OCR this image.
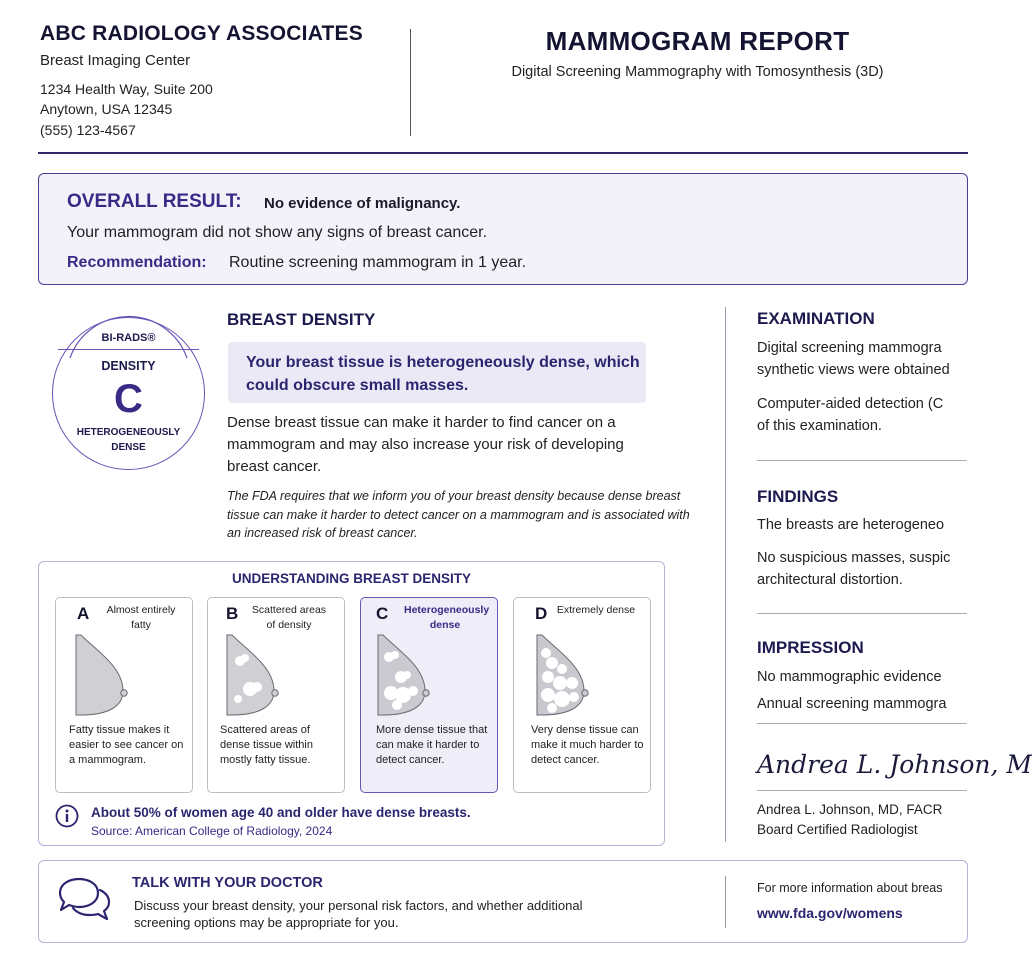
ABC RADIOLOGY ASSOCIATES
Breast Imaging Center
1234 Health Way, Suite 200
Anytown, USA 12345
(555) 123-4567
MAMMOGRAM REPORT
Digital Screening Mammography with Tomosynthesis (3D)
OVERALL RESULT: No evidence of malignancy.
Your mammogram did not show any signs of breast cancer.
Recommendation: Routine screening mammogram in 1 year.
BI-RADS®
DENSITY
C
HETEROGENEOUSLY
DENSE
BREAST DENSITY
Your breast tissue is heterogeneously dense, which could obscure small masses.
Dense breast tissue can make it harder to find cancer on a mammogram and may also increase your risk of developing breast cancer.
The FDA requires that we inform you of your breast density because dense breast tissue can make it harder to detect cancer on a mammogram and is associated with an increased risk of breast cancer.
UNDERSTANDING BREAST DENSITY
A	Almost entirely fatty
Fatty tissue makes it easier to see cancer on a mammogram.
B	Scattered areas of density
Scattered areas of dense tissue within mostly fatty tissue.
C Heterogeneously dense
More dense tissue that can make it harder to detect cancer.
D Extremely dense
Very dense tissue can make it much harder to detect cancer.
About 50% of women age 40 and older have dense breasts.
Source: American College of Radiology, 2024
EXAMINATION
Digital screening mammogra
synthetic views were obtained
Computer-aided detection (C
of this examination.
FINDINGS
The breasts are heterogeneo
No suspicious masses, suspic
architectural distortion.
IMPRESSION
No mammographic evidence
Annual screening mammogra
Andrea L. Johnson, M
Andrea L. Johnson, MD, FACR
Board Certified Radiologist
TALK WITH YOUR DOCTOR
Discuss your breast density, your personal risk factors, and whether additional screening options may be appropriate for you.
For more information about breas
www.fda.gov/womens
